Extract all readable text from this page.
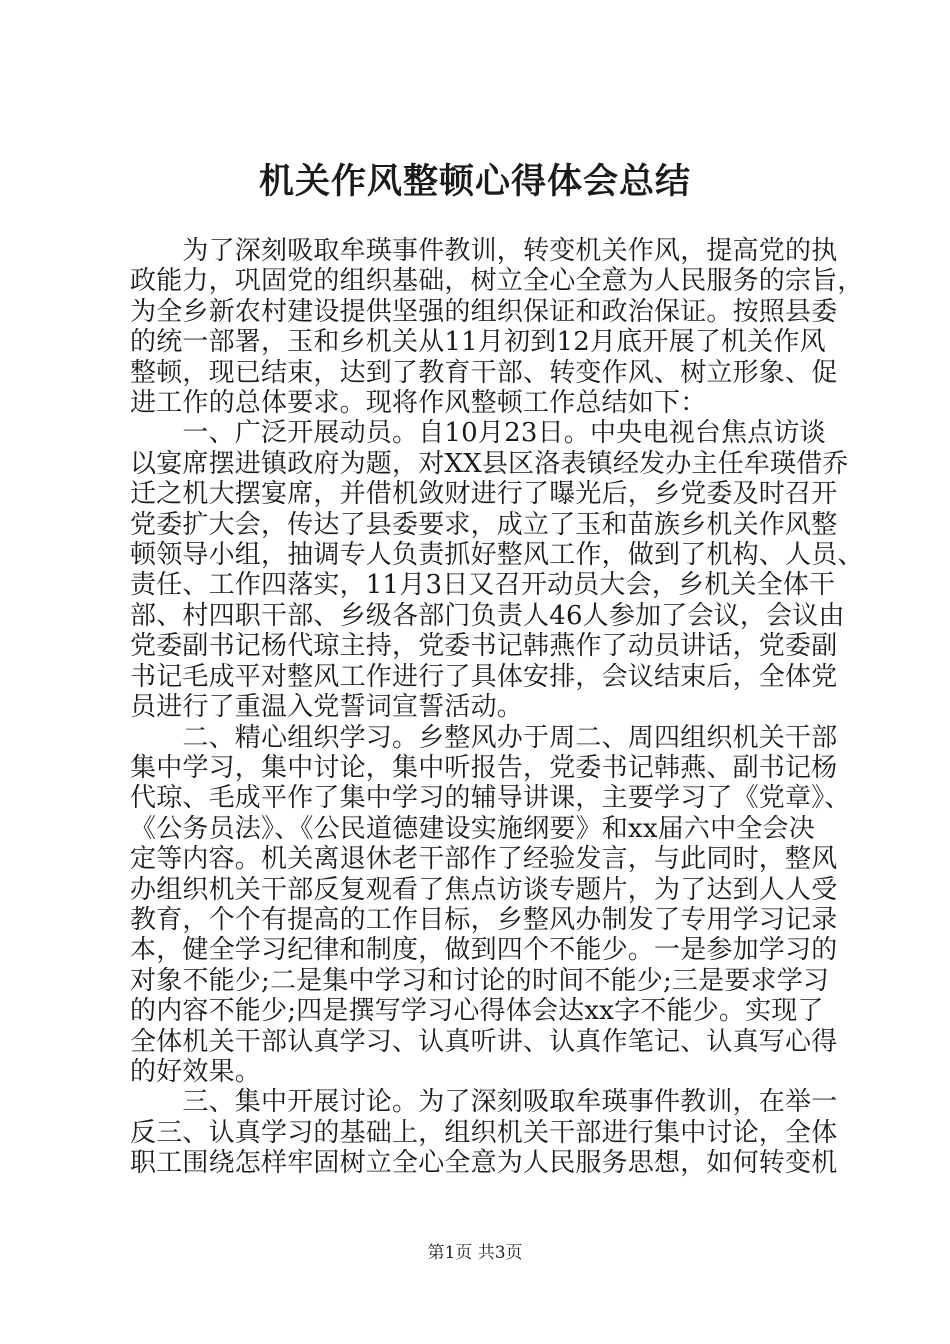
机关作风整顿心得体会总结

　　为了深刻吸取牟瑛事件教训，转变机关作风，提高党的执
政能力，巩固党的组织基础，树立全心全意为人民服务的宗旨，
为全乡新农村建设提供坚强的组织保证和政治保证。按照县委
的统一部署，玉和乡机关从11月初到12月底开展了机关作风
整顿，现已结束，达到了教育干部、转变作风、树立形象、促
进工作的总体要求。现将作风整顿工作总结如下：
　　一、广泛开展动员。自10月23日。中央电视台焦点访谈
以宴席摆进镇政府为题，对XX县区洛表镇经发办主任牟瑛借乔
迁之机大摆宴席，并借机敛财进行了曝光后，乡党委及时召开
党委扩大会，传达了县委要求，成立了玉和苗族乡机关作风整
顿领导小组，抽调专人负责抓好整风工作，做到了机构、人员、
责任、工作四落实，11月3日又召开动员大会，乡机关全体干
部、村四职干部、乡级各部门负责人46人参加了会议，会议由
党委副书记杨代琼主持，党委书记韩燕作了动员讲话，党委副
书记毛成平对整风工作进行了具体安排，会议结束后，全体党
员进行了重温入党誓词宣誓活动。
　　二、精心组织学习。乡整风办于周二、周四组织机关干部
集中学习，集中讨论，集中听报告，党委书记韩燕、副书记杨
代琼、毛成平作了集中学习的辅导讲课，主要学习了《党章》、
《公务员法》、《公民道德建设实施纲要》和xx届六中全会决
定等内容。机关离退休老干部作了经验发言，与此同时，整风
办组织机关干部反复观看了焦点访谈专题片，为了达到人人受
教育，个个有提高的工作目标，乡整风办制发了专用学习记录
本，健全学习纪律和制度，做到四个不能少。一是参加学习的
对象不能少;二是集中学习和讨论的时间不能少;三是要求学习
的内容不能少;四是撰写学习心得体会达xx字不能少。实现了
全体机关干部认真学习、认真听讲、认真作笔记、认真写心得
的好效果。
　　三、集中开展讨论。为了深刻吸取牟瑛事件教训，在举一
反三、认真学习的基础上，组织机关干部进行集中讨论，全体
职工围绕怎样牢固树立全心全意为人民服务思想，如何转变机

第1页 共3页
